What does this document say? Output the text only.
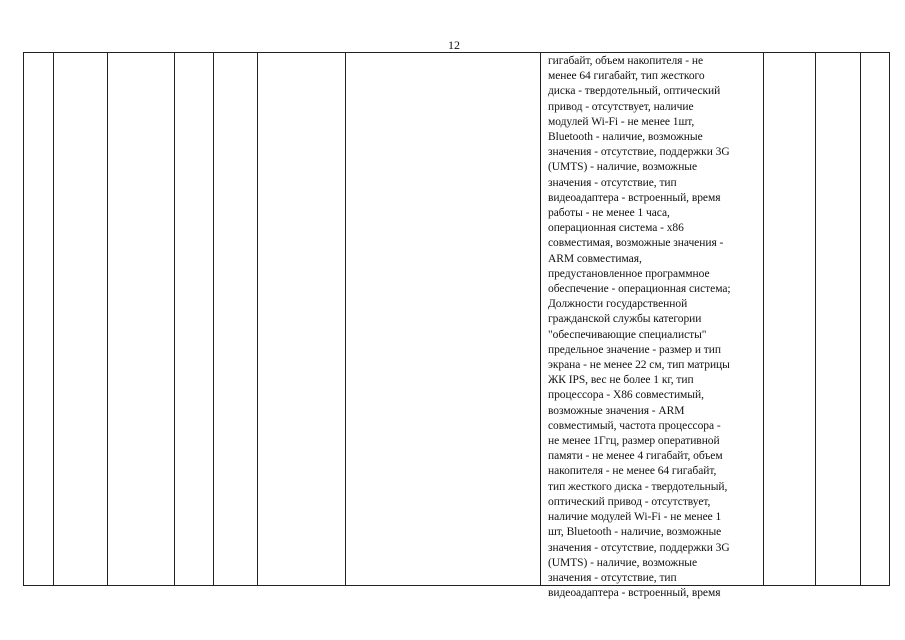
12
гигабайт, объем накопителя - не
менее 64 гигабайт, тип жесткого
диска - твердотельный, оптический
привод - отсутствует, наличие
модулей Wi-Fi - не менее 1шт,
Bluetooth - наличие, возможные
значения - отсутствие, поддержки 3G
(UMTS) - наличие, возможные
значения - отсутствие, тип
видеоадаптера - встроенный, время
работы - не менее 1 часа,
операционная система - x86
совместимая, возможные значения -
ARM совместимая,
предустановленное программное
обеспечение - операционная система;
Должности государственной
гражданской службы категории
"обеспечивающие специалисты"
предельное значение - размер и тип
экрана - не менее 22 см, тип матрицы
ЖК IPS, вес не более 1 кг, тип
процессора - X86 совместимый,
возможные значения - ARM
совместимый, частота процессора -
не менее 1Ггц, размер оперативной
памяти - не менее 4 гигабайт, объем
накопителя - не менее 64 гигабайт,
тип жесткого диска - твердотельный,
оптический привод - отсутствует,
наличие модулей Wi-Fi - не менее 1
шт, Bluetooth - наличие, возможные
значения - отсутствие, поддержки 3G
(UMTS) - наличие, возможные
значения - отсутствие, тип
видеоадаптера - встроенный, время
